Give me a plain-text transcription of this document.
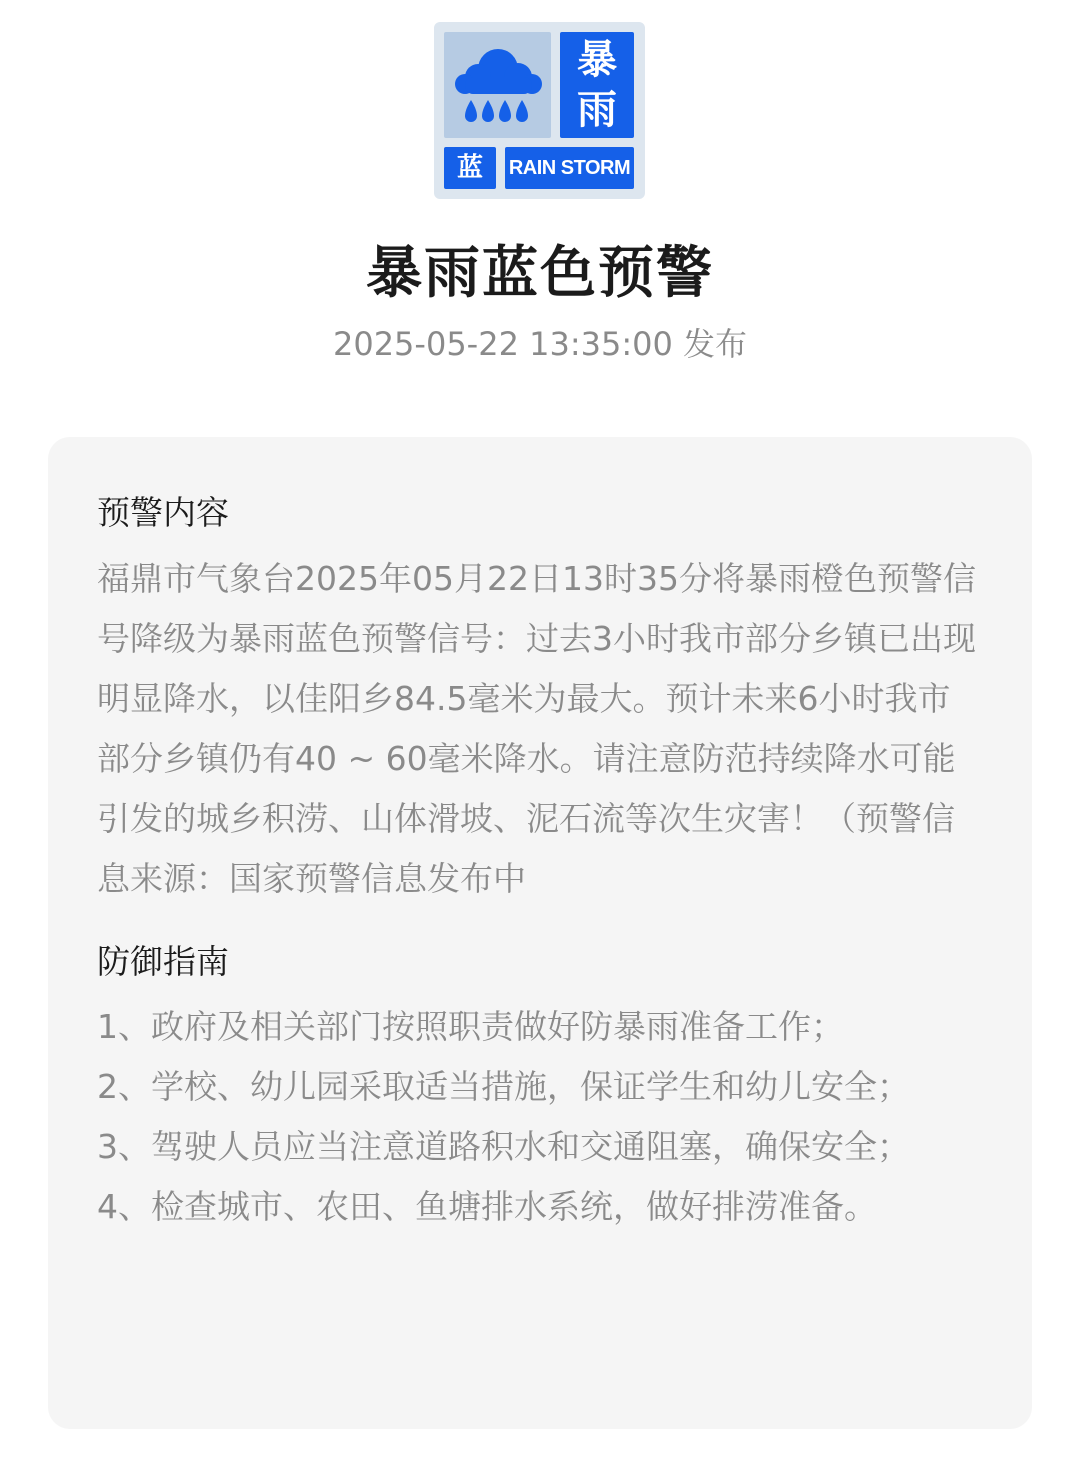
暴
雨
蓝	RAIN STORM
暴雨蓝色预警
2025-05-22 13:35:00 发布
预警内容
福鼎市气象台2025年05月22日13时35分将暴雨橙色预警信号降级为暴雨蓝色预警信号：过去3小时我市部分乡镇已出现明显降水，以佳阳乡84.5毫米为最大。预计未来6小时我市部分乡镇仍有40 ~ 60毫米降水。请注意防范持续降水可能引发的城乡积涝、山体滑坡、泥石流等次生灾害！（预警信息来源：国家预警信息发布中
防御指南
1、政府及相关部门按照职责做好防暴雨准备工作；
2、学校、幼儿园采取适当措施，保证学生和幼儿安全；
3、驾驶人员应当注意道路积水和交通阻塞，确保安全；
4、检查城市、农田、鱼塘排水系统，做好排涝准备。
